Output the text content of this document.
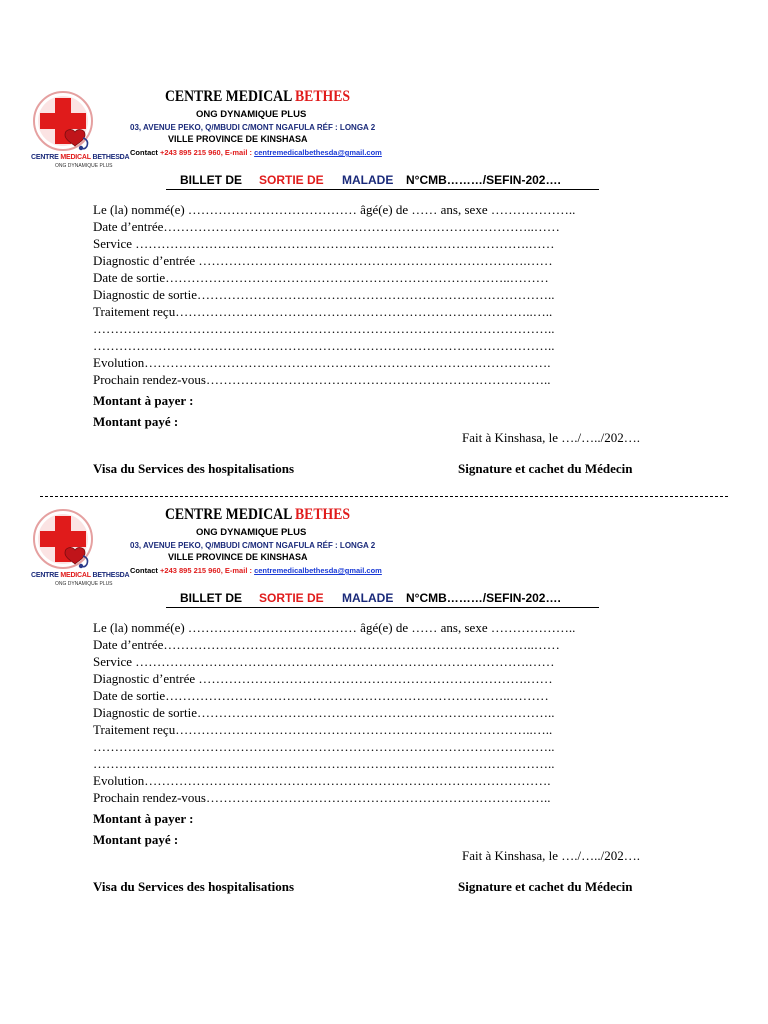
CENTRE MEDICAL BETHESDA
ONG DYNAMIQUE PLUS
CENTRE MEDICAL BETHES
ONG DYNAMIQUE PLUS
03, AVENUE PEKO, Q/MBUDI C/MONT NGAFULA RÉF : LONGA 2
VILLE PROVINCE DE KINSHASA
Contact +243 895 215 960, E-mail : centremedicalbethesda@gmail.com
BILLET DE SORTIE DE MALADE N°CMB………/SEFIN-202….
Le (la) nommé(e) ………………………………… âgé(e) de …… ans, sexe ………………..
Date d’entrée…………………………………………………………………………..……
Service ……………………………………………………………………………….……
Diagnostic d’entrée ………………………………………………………………….……
Date de sortie……………………………………………………………………..………
Diagnostic de sortie………………………………………………………………………..
Traitement reçu………………………………………………………………………..…..
……………………………………………………………………………………………..
……………………………………………………………………………………………..
Evolution………………………………………………………………………………….
Prochain rendez-vous……………………………………………………………………..
Montant à payer :
Montant payé :
Fait à Kinshasa, le …./…../202….
Visa du Services des hospitalisations	Signature et cachet du Médecin
CENTRE MEDICAL BETHESDA
ONG DYNAMIQUE PLUS
CENTRE MEDICAL BETHES
ONG DYNAMIQUE PLUS
03, AVENUE PEKO, Q/MBUDI C/MONT NGAFULA RÉF : LONGA 2
VILLE PROVINCE DE KINSHASA
Contact +243 895 215 960, E-mail : centremedicalbethesda@gmail.com
BILLET DE SORTIE DE MALADE N°CMB………/SEFIN-202….
Le (la) nommé(e) ………………………………… âgé(e) de …… ans, sexe ………………..
Date d’entrée…………………………………………………………………………..……
Service ……………………………………………………………………………….……
Diagnostic d’entrée ………………………………………………………………….……
Date de sortie……………………………………………………………………..………
Diagnostic de sortie………………………………………………………………………..
Traitement reçu………………………………………………………………………..…..
……………………………………………………………………………………………..
……………………………………………………………………………………………..
Evolution………………………………………………………………………………….
Prochain rendez-vous……………………………………………………………………..
Montant à payer :
Montant payé :
Fait à Kinshasa, le …./…../202….
Visa du Services des hospitalisations	Signature et cachet du Médecin
